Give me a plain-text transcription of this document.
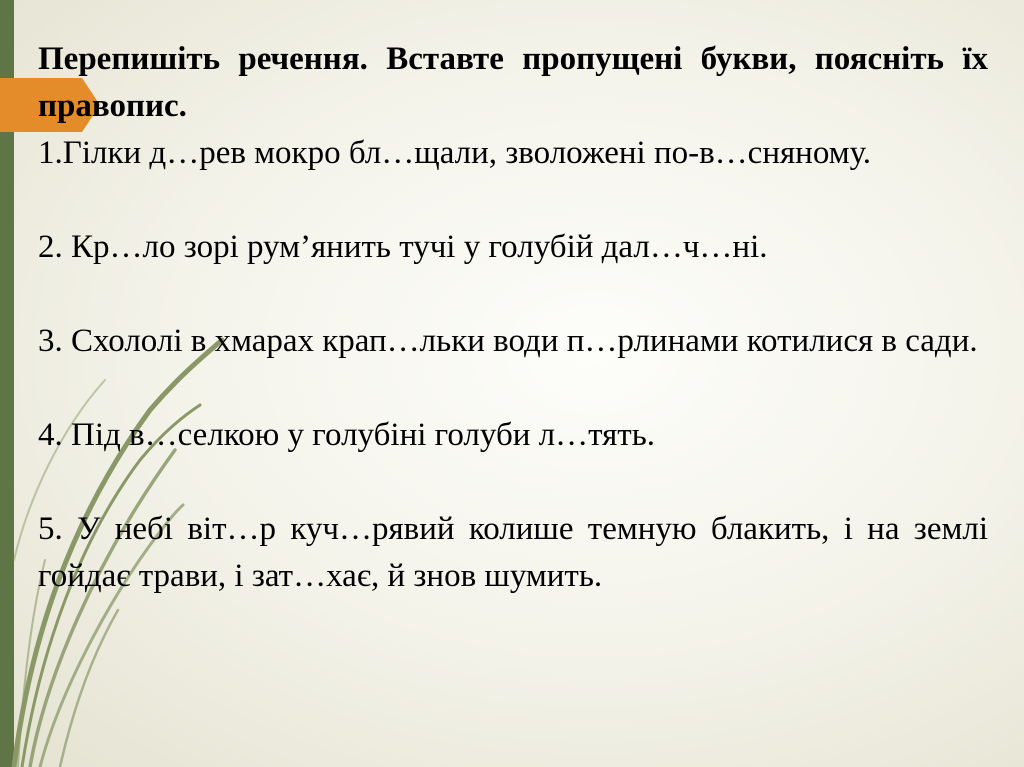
Перепишіть речення. Вставте пропущені букви, поясніть їх правопис.

1.Гілки д…рев мокро бл…щали, зволожені по-в…сняному.

2. Кр…ло зорі рум’янить тучі у голубій дал…ч…ні.

3. Схололі в хмарах крап…льки води п…рлинами котилися в сади.

4. Під в…селкою у голубіні голуби л…тять.

5. У небі віт…р куч…рявий колише темную блакить, і на землі гойдає трави, і зат…хає, й знов шумить.
